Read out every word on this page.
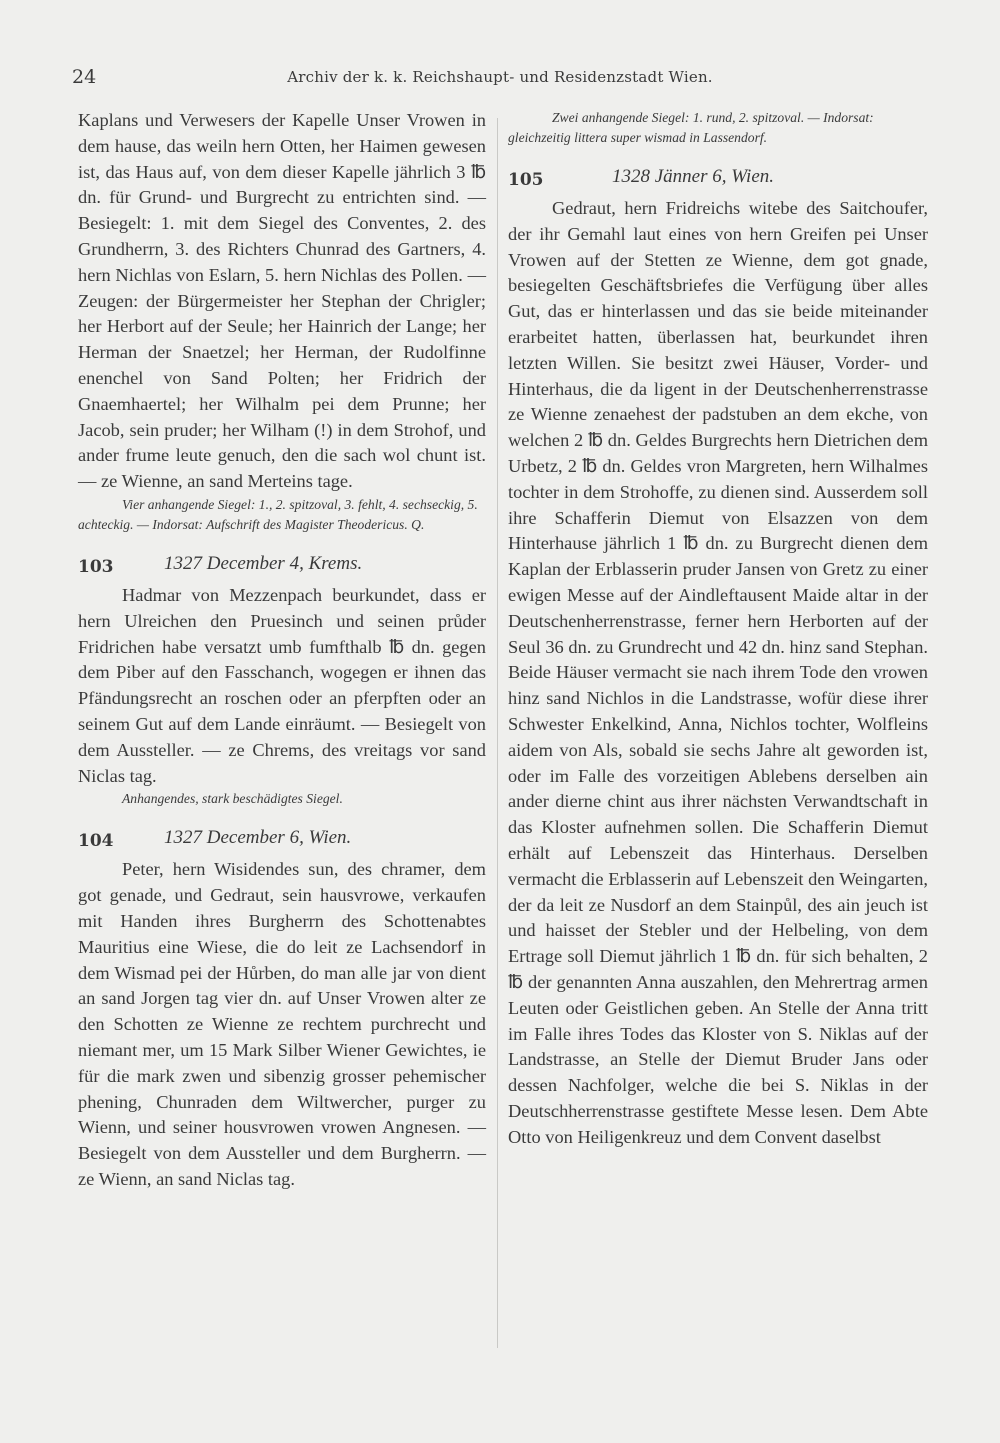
24	Archiv der k. k. Reichshaupt- und Residenzstadt Wien.

Kaplans und Verwesers der Kapelle Unser Vrowen in dem hause, das weiln hern Otten, her Haimen gewesen ist, das Haus auf, von dem dieser Kapelle jährlich 3 ℔ dn. für Grund- und Burgrecht zu entrichten sind. — Besiegelt: 1. mit dem Siegel des Conventes, 2. des Grundherrn, 3. des Richters Chunrad des Gartners, 4. hern Nichlas von Eslarn, 5. hern Nichlas des Pollen. — Zeugen: der Bürgermeister her Stephan der Chrigler; her Herbort auf der Seule; her Hainrich der Lange; her Herman der Snaetzel; her Herman, der Rudolfinne enenchel von Sand Polten; her Fridrich der Gnaemhaertel; her Wilhalm pei dem Prunne; her Jacob, sein pruder; her Wilham (!) in dem Strohof, und ander frume leute genuch, den die sach wol chunt ist. — ze Wienne, an sand Merteins tage.

Vier anhangende Siegel: 1., 2. spitzoval, 3. fehlt, 4. sechseckig, 5. achteckig. — Indorsat: Aufschrift des Magister Theodericus. Q.

103	1327 December 4, Krems.

Hadmar von Mezzenpach beurkundet, dass er hern Ulreichen den Pruesinch und seinen průder Fridrichen habe versatzt umb fumfthalb ℔ dn. gegen dem Piber auf den Fasschanch, wogegen er ihnen das Pfändungsrecht an roschen oder an pferpften oder an seinem Gut auf dem Lande einräumt. — Besiegelt von dem Aussteller. — ze Chrems, des vreitags vor sand Niclas tag.

Anhangendes, stark beschädigtes Siegel.

104	1327 December 6, Wien.

Peter, hern Wisidendes sun, des chramer, dem got genade, und Gedraut, sein hausvrowe, verkaufen mit Handen ihres Burgherrn des Schottenabtes Mauritius eine Wiese, die do leit ze Lachsendorf in dem Wismad pei der Hůrben, do man alle jar von dient an sand Jorgen tag vier dn. auf Unser Vrowen alter ze den Schotten ze Wienne ze rechtem purchrecht und niemant mer, um 15 Mark Silber Wiener Gewichtes, ie für die mark zwen und sibenzig grosser pehemischer phening, Chunraden dem Wiltwercher, purger zu Wienn, und seiner housvrowen vrowen Angnesen. — Besiegelt von dem Aussteller und dem Burgherrn. — ze Wienn, an sand Niclas tag.

Zwei anhangende Siegel: 1. rund, 2. spitzoval. — Indorsat: gleichzeitig littera super wismad in Lassendorf.

105	1328 Jänner 6, Wien.

Gedraut, hern Fridreichs witebe des Saitchoufer, der ihr Gemahl laut eines von hern Greifen pei Unser Vrowen auf der Stetten ze Wienne, dem got gnade, besiegelten Geschäftsbriefes die Verfügung über alles Gut, das er hinterlassen und das sie beide miteinander erarbeitet hatten, überlassen hat, beurkundet ihren letzten Willen. Sie besitzt zwei Häuser, Vorder- und Hinterhaus, die da ligent in der Deutschenherrenstrasse ze Wienne zenaehest der padstuben an dem ekche, von welchen 2 ℔ dn. Geldes Burgrechts hern Dietrichen dem Urbetz, 2 ℔ dn. Geldes vron Margreten, hern Wilhalmes tochter in dem Strohoffe, zu dienen sind. Ausserdem soll ihre Schafferin Diemut von Elsazzen von dem Hinterhause jährlich 1 ℔ dn. zu Burgrecht dienen dem Kaplan der Erblasserin pruder Jansen von Gretz zu einer ewigen Messe auf der Aindleftausent Maide altar in der Deutschenherrenstrasse, ferner hern Herborten auf der Seul 36 dn. zu Grundrecht und 42 dn. hinz sand Stephan. Beide Häuser vermacht sie nach ihrem Tode den vrowen hinz sand Nichlos in die Landstrasse, wofür diese ihrer Schwester Enkelkind, Anna, Nichlos tochter, Wolfleins aidem von Als, sobald sie sechs Jahre alt geworden ist, oder im Falle des vorzeitigen Ablebens derselben ain ander dierne chint aus ihrer nächsten Verwandtschaft in das Kloster aufnehmen sollen. Die Schafferin Diemut erhält auf Lebenszeit das Hinterhaus. Derselben vermacht die Erblasserin auf Lebenszeit den Weingarten, der da leit ze Nusdorf an dem Stainpůl, des ain jeuch ist und haisset der Stebler und der Helbeling, von dem Ertrage soll Diemut jährlich 1 ℔ dn. für sich behalten, 2 ℔ der genannten Anna auszahlen, den Mehrertrag armen Leuten oder Geistlichen geben. An Stelle der Anna tritt im Falle ihres Todes das Kloster von S. Niklas auf der Landstrasse, an Stelle der Diemut Bruder Jans oder dessen Nachfolger, welche die bei S. Niklas in der Deutschherrenstrasse gestiftete Messe lesen. Dem Abte Otto von Heiligenkreuz und dem Convent daselbst
